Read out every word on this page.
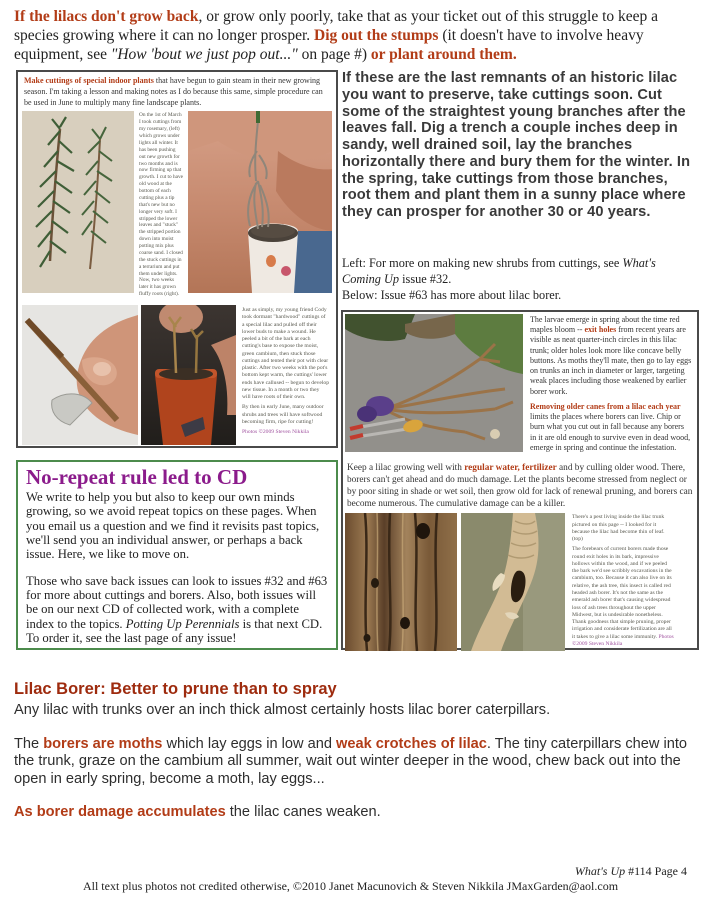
If the lilacs don't grow back, or grow only poorly, take that as your ticket out of this struggle to keep a species growing where it can no longer prosper. Dig out the stumps (it doesn't have to involve heavy equipment, see "How 'bout we just pop out..." on page #) or plant around them.

Make cuttings of special indoor plants that have begun to gain steam in their new growing season. I'm taking a lesson and making notes as I do because this same, simple procedure can be used in June to multiply many fine landscape plants.

On the 1st of March I took cuttings from my rosemary, (left) which grows under lights all winter. It has been pushing out new growth for two months and is now firming up that growth. I cut to have old wood at the bottom of each cutting plus a tip that's new but no longer very soft. I stripped the lower leaves and "stuck" the stripped portion down into moist potting mix plus coarse sand. I closed the stuck cuttings in a terrarium and put them under lights. Now, two weeks later it has grown fluffy roots (right).

Just as simply, my young friend Cody took dormant "hardwood" cuttings of a special lilac and pulled off their lower buds to make a wound. He peeled a bit of the bark at each cutting's base to expose the moist, green cambium, then stuck those cuttings and tented their pot with clear plastic. After two weeks with the pot's bottom kept warm, the cuttings' lower ends have callused -- begun to develop new tissue. In a month or two they will have roots of their own.

By then in early June, many outdoor shrubs and trees will have softwood becoming firm, ripe for cutting!

Photos ©2009 Steven Nikkila

If these are the last remnants of an historic lilac you want to preserve, take cuttings soon. Cut some of the straightest young branches after the leaves fall. Dig a trench a couple inches deep in sandy, well drained soil, lay the branches horizontally there and bury them for the winter. In the spring, take cuttings from those branches, root them and plant them in a sunny place where they can prosper for another 30 or 40 years.

Left: For more on making new shrubs from cuttings, see What's

Coming Up issue #32.

Below: Issue #63 has more about lilac borer.

The larvae emerge in spring about the time red maples bloom -- exit holes from recent years are visible as neat quarter-inch circles in this lilac trunk; older holes look more like concave belly buttons. As moths they'll mate, then go to lay eggs on trunks an inch in diameter or larger, targeting weak places including those weakened by earlier borer work.

Removing older canes from a lilac each year limits the places where borers can live. Chip or burn what you cut out in fall because any borers in it are old enough to survive even in dead wood, emerge in spring and continue the infestation.

Keep a lilac growing well with regular water, fertilizer and by culling older wood. There, borers can't get ahead and do much damage. Let the plants become stressed from neglect or by poor siting in shade or wet soil, then grow old for lack of renewal pruning, and borers can become numerous. The cumulative damage can be a killer.

There's a pest living inside the lilac trunk pictured on this page -- I looked for it because the lilac had become thin of leaf. (top)

The forebears of current borers made those round exit holes in its bark, impressive hollows within the wood, and if we peeled the bark we'd see scribbly excavations in the cambium, too. Because it can also live on its relative, the ash tree, this insect is called red headed ash borer. It's not the same as the emerald ash borer that's causing widespread loss of ash trees throughout the upper Midwest, but is undesirable nonetheless. Thank goodness that simple pruning, proper irrigation and considerate fertilization are all it takes to give a lilac some immunity. Photos ©2009 Steven Nikkila

No-repeat rule led to CD

We write to help you but also to keep our own minds growing, so we avoid repeat topics on these pages. When you email us a question and we find it revisits past topics, we'll send you an individual answer, or perhaps a back issue. Here, we like to move on.

Those who save back issues can look to issues #32 and #63 for more about cuttings and borers. Also, both issues will be on our next CD of collected work, with a complete index to the topics. Potting Up Perennials is that next CD. To order it, see the last page of any issue!

Lilac Borer: Better to prune than to spray

Any lilac with trunks over an inch thick almost certainly hosts lilac borer caterpillars.

The borers are moths which lay eggs in low and weak crotches of lilac. The tiny caterpillars chew into the trunk, graze on the cambium all summer, wait out winter deeper in the wood, chew back out into the open in early spring, become a moth, lay eggs...

As borer damage accumulates the lilac canes weaken.

What's Up #114 Page 4

All text plus photos not credited otherwise, ©2010 Janet Macunovich & Steven Nikkila JMaxGarden@aol.com
